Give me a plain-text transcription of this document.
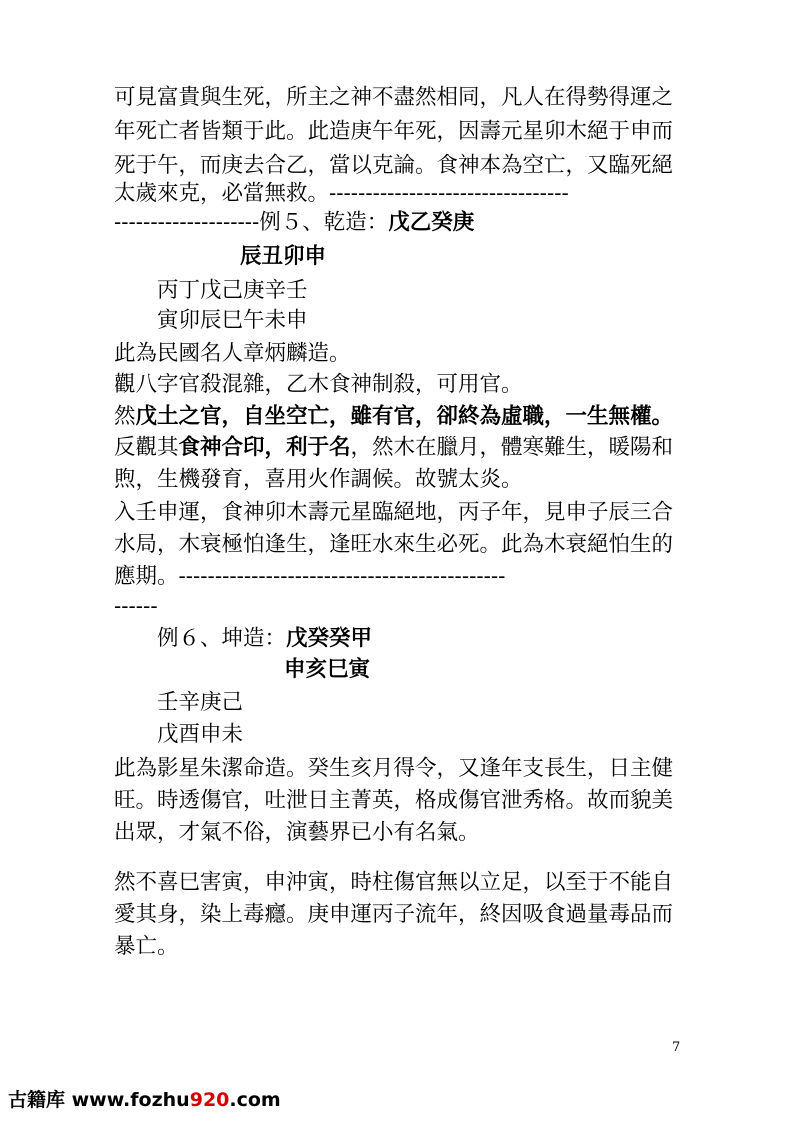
可見富貴與生死，所主之神不盡然相同，凡人在得勢得運之
年死亡者皆類于此。此造庚午年死，因壽元星卯木絕于申而
死于午，而庚去合乙，當以克論。食神本為空亡，又臨死絕
太歲來克，必當無救。---------------------------------
--------------------例５、乾造：戊乙癸庚
辰丑卯申
丙丁戊己庚辛壬
寅卯辰巳午未申
此為民國名人章炳麟造。
觀八字官殺混雜，乙木食神制殺，可用官。
然戊土之官，自坐空亡，雖有官，卻終為虛職，一生無權。
反觀其食神合印，利于名，然木在臘月，體寒難生，暖陽和
煦，生機發育，喜用火作調候。故號太炎。
入壬申運，食神卯木壽元星臨絕地，丙子年，見申子辰三合
水局，木衰極怕逢生，逢旺水來生必死。此為木衰絕怕生的
應期。---------------------------------------------
------
例６、坤造：戊癸癸甲
申亥巳寅
壬辛庚己
戊酉申未
此為影星朱潔命造。癸生亥月得令，又逢年支長生，日主健
旺。時透傷官，吐泄日主菁英，格成傷官泄秀格。故而貌美
出眾，才氣不俗，演藝界已小有名氣。
然不喜巳害寅，申沖寅，時柱傷官無以立足，以至于不能自
愛其身，染上毒癮。庚申運丙子流年，終因吸食過量毒品而
暴亡。
7
古籍库 www.fozhu920.com
